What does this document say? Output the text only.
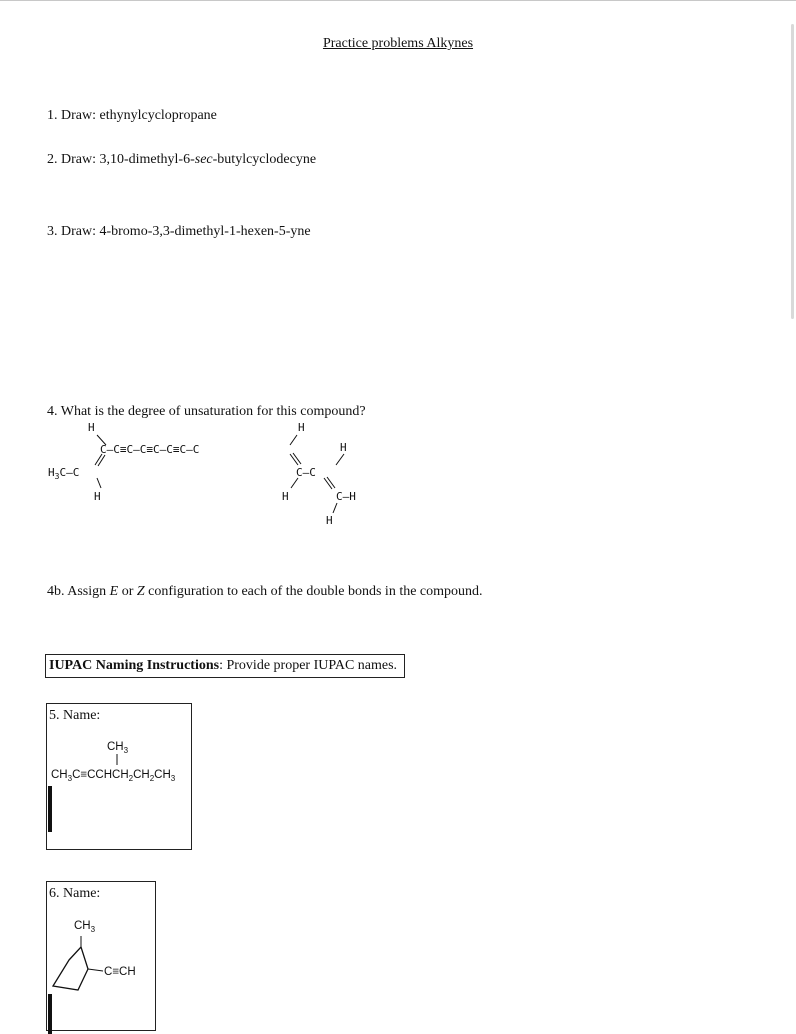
Practice problems Alkynes
1. Draw: ethynylcyclopropane
2. Draw: 3,10-dimethyl-6-sec-butylcyclodecyne
3. Draw: 4-bromo-3,3-dimethyl-1-hexen-5-yne
4. What is the degree of unsaturation for this compound?
H	H
C—C≡C—C≡C—C≡C—C	H
$H_3C—C$	C—C
H	H	C—H
H
4b. Assign E or Z configuration to each of the double bonds in the compound.
IUPAC Naming Instructions: Provide proper IUPAC names.
5. Name:
$CH_3$
$CH_3C\equiv CCHCH_2CH_2CH_3$
6. Name:
$CH_3$
C≡CH
